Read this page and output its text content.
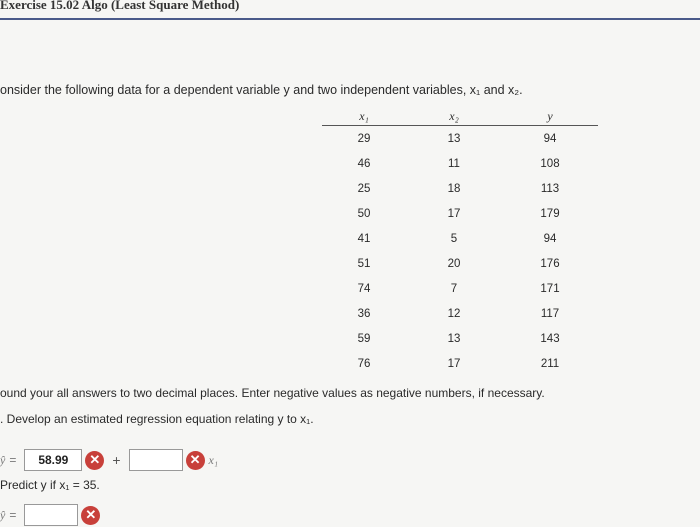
Exercise 15.02 Algo (Least Square Method)
onsider the following data for a dependent variable y and two independent variables, x₁ and x₂.
x₁	x₂	y
29	13	94
46	11	108
25	18	113
50	17	179
41	5	94
51	20	176
74	7	171
36	12	117
59	13	143
76	17	211
ound your all answers to two decimal places. Enter negative values as negative numbers, if necessary.
. Develop an estimated regression equation relating y to x₁.
ŷ =	58.99	✕ +	✕ x₁
Predict y if x₁ = 35.
ŷ =	✕
